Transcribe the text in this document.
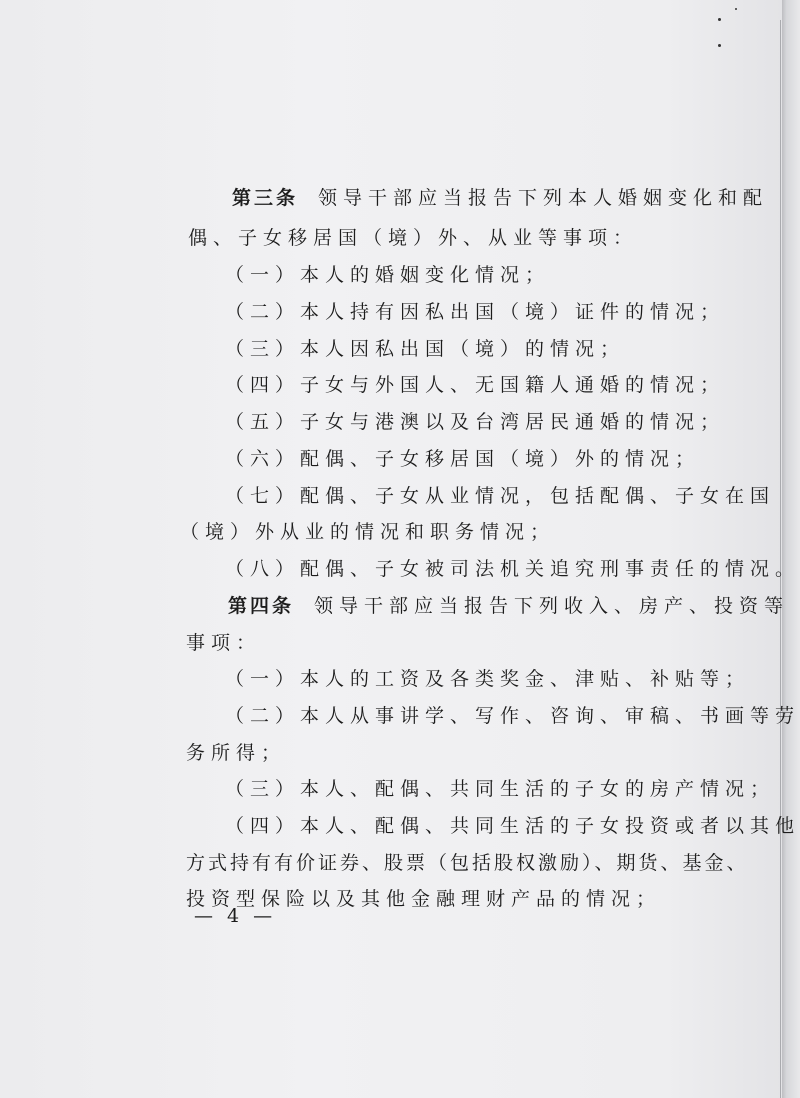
第三条 领导干部应当报告下列本人婚姻变化和配
偶、子女移居国（境）外、从业等事项：
（一）本人的婚姻变化情况；
（二）本人持有因私出国（境）证件的情况；
（三）本人因私出国（境）的情况；
（四）子女与外国人、无国籍人通婚的情况；
（五）子女与港澳以及台湾居民通婚的情况；
（六）配偶、子女移居国（境）外的情况；
（七）配偶、子女从业情况，包括配偶、子女在国
（境）外从业的情况和职务情况；
（八）配偶、子女被司法机关追究刑事责任的情况。
第四条 领导干部应当报告下列收入、房产、投资等
事项：
（一）本人的工资及各类奖金、津贴、补贴等；
（二）本人从事讲学、写作、咨询、审稿、书画等劳
务所得；
（三）本人、配偶、共同生活的子女的房产情况；
（四）本人、配偶、共同生活的子女投资或者以其他
方式持有有价证券、股票（包括股权激励）、期货、基金、
投资型保险以及其他金融理财产品的情况；
— 4 —
